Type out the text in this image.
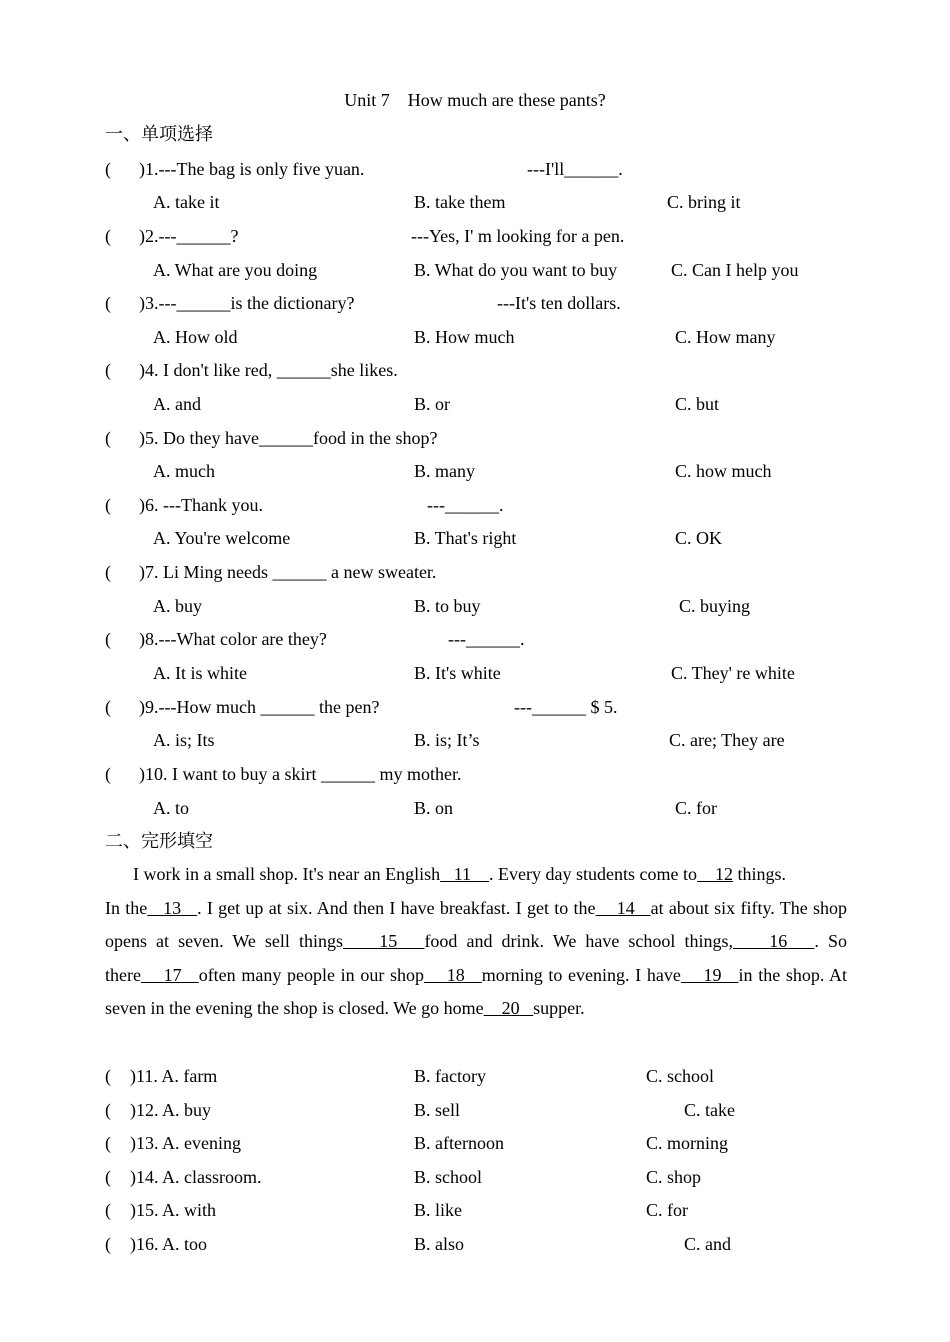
Unit 7    How much are these pants?
一、单项选择
( )1.---The bag is only five yuan.	---I'll______.
A. take it	B. take them	C. bring it
( )2.---______?	---Yes, I' m looking for a pen.
A. What are you doing	B. What do you want to buy	C. Can I help you
( )3.---______is the dictionary?	---It's ten dollars.
A. How old	B. How much	C. How many
( )4. I don't like red, ______she likes.
A. and	B. or	C. but
( )5. Do they have______food in the shop?
A. much	B. many	C. how much
( )6. ---Thank you.	---______.
A. You're welcome	B. That's right	C. OK
( )7. Li Ming needs ______ a new sweater.
A. buy	B. to buy	C. buying
( )8.---What color are they?	---______.
A. It is white	B. It's white	C. They' re white
( )9.---How much ______ the pen?	---______ $ 5.
A. is; Its	B. is; It’s	C. are; They are
( )10. I want to buy a skirt ______ my mother.
A. to	B. on	C. for
二、完形填空

I work in a small shop. It's near an English 11 . Every day students come to 12 things.

In the 13 . I get up at six. And then I have breakfast. I get to the 14 at about six fifty. The shop opens at seven. We sell things 15 food and drink. We have school things, 16 . So there 17 often many people in our shop 18 morning to evening. I have 19 in the shop. At seven in the evening the shop is closed. We go home 20 supper.

( )11. A. farm	B. factory	C. school
( )12. A. buy	B. sell	C. take
( )13. A. evening	B. afternoon	C. morning
( )14. A. classroom.	B. school	C. shop
( )15. A. with	B. like	C. for
( )16. A. too	B. also	C. and
